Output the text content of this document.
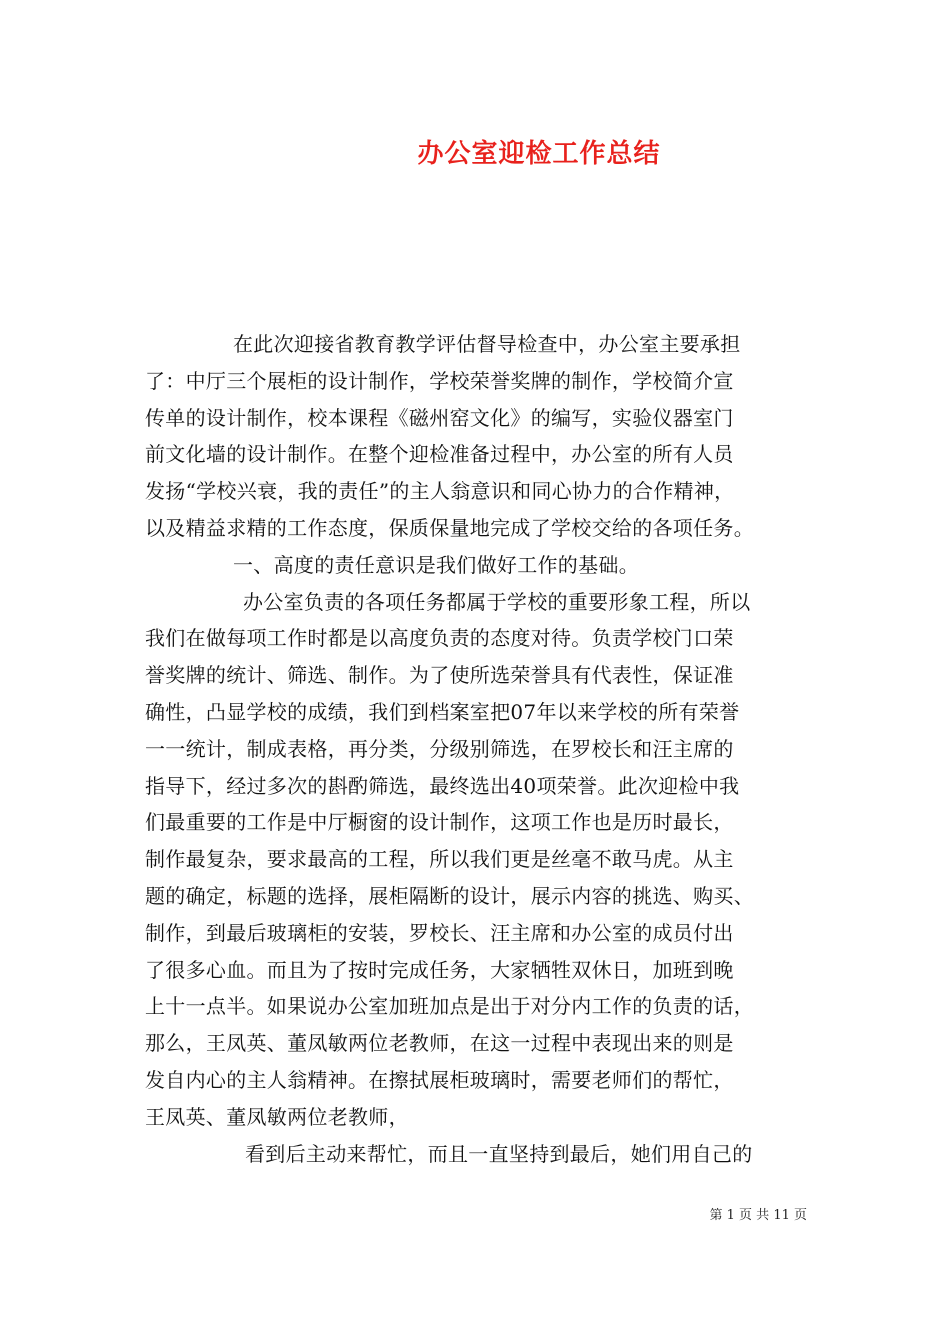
办公室迎检工作总结
在此次迎接省教育教学评估督导检查中，办公室主要承担
了：中厅三个展柜的设计制作，学校荣誉奖牌的制作，学校简介宣
传单的设计制作，校本课程《磁州窑文化》的编写，实验仪器室门
前文化墙的设计制作。在整个迎检准备过程中，办公室的所有人员
发扬“学校兴衰，我的责任”的主人翁意识和同心协力的合作精神，
以及精益求精的工作态度，保质保量地完成了学校交给的各项任务。
一、高度的责任意识是我们做好工作的基础。
办公室负责的各项任务都属于学校的重要形象工程，所以
我们在做每项工作时都是以高度负责的态度对待。负责学校门口荣
誉奖牌的统计、筛选、制作。为了使所选荣誉具有代表性，保证准
确性，凸显学校的成绩，我们到档案室把07年以来学校的所有荣誉
一一统计，制成表格，再分类，分级别筛选，在罗校长和汪主席的
指导下，经过多次的斟酌筛选，最终选出40项荣誉。此次迎检中我
们最重要的工作是中厅橱窗的设计制作，这项工作也是历时最长，
制作最复杂，要求最高的工程，所以我们更是丝毫不敢马虎。从主
题的确定，标题的选择，展柜隔断的设计，展示内容的挑选、购买、
制作，到最后玻璃柜的安装，罗校长、汪主席和办公室的成员付出
了很多心血。而且为了按时完成任务，大家牺牲双休日，加班到晚
上十一点半。如果说办公室加班加点是出于对分内工作的负责的话，
那么，王凤英、董凤敏两位老教师，在这一过程中表现出来的则是
发自内心的主人翁精神。在擦拭展柜玻璃时，需要老师们的帮忙，
王凤英、董凤敏两位老教师，
看到后主动来帮忙，而且一直坚持到最后，她们用自己的
第 1 页 共 11 页
